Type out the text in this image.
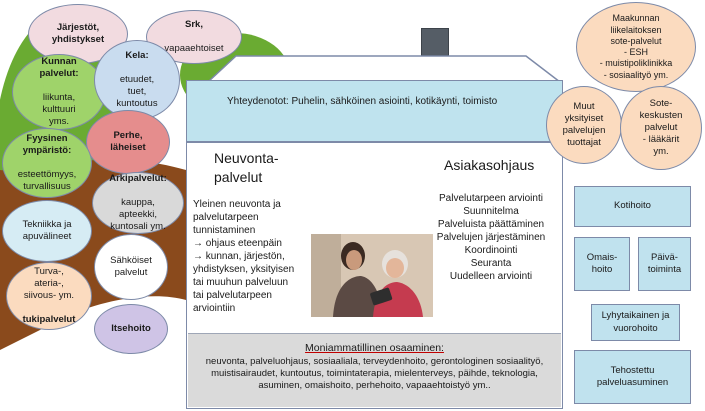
Järjestöt,
yhdistykset

Srk,

vapaaehtoiset

Kunnan
palvelut:

liikunta,
kulttuuri
yms.

Kela:

etuudet,
tuet,
kuntoutus

Perhe,
läheiset

Fyysinen
ympäristö:

esteettömyys,
turvallisuus

Arkipalvelut:

kauppa,
apteekki,
kuntosali ym.

Tekniikka ja
apuvälineet
Sähköiset
palvelut

Turva-,
ateria-,
siivous- ym.

tukipalvelut

Itsehoito
Yhteydenotot: Puhelin, sähköinen asiointi, kotikäynti, toimisto
Neuvonta-
palvelut
Yleinen neuvonta ja
palvelutarpeen
tunnistaminen
→ ohjaus eteenpäin
→ kunnan, järjestön,
yhdistyksen, yksityisen
tai muuhun palveluun
tai palvelutarpeen
arviointiin
Asiakasohjaus
Palvelutarpeen arviointi
Suunnitelma
Palveluista päättäminen
Palvelujen järjestäminen
Koordinointi
Seuranta
Uudelleen arviointi
Moniammatillinen osaaminen:
neuvonta, palveluohjaus, sosiaaliala, terveydenhoito, gerontologinen sosiaalityö, muistisairaudet, kuntoutus, toimintaterapia, mielenterveys, päihde, teknologia, asuminen, omaishoito, perhehoito, vapaaehtoistyö ym..
Maakunnan
liikelaitoksen
sote-palvelut
- ESH
- muistipoliklinikka
- sosiaalityö ym.
Muut
yksityiset
palvelujen
tuottajat
Sote-
keskusten
palvelut
- lääkärit
ym.
Kotihoito
Omais-
hoito
Päivä-
toiminta
Lyhytaikainen ja
vuorohoito
Tehostettu
palveluasuminen
